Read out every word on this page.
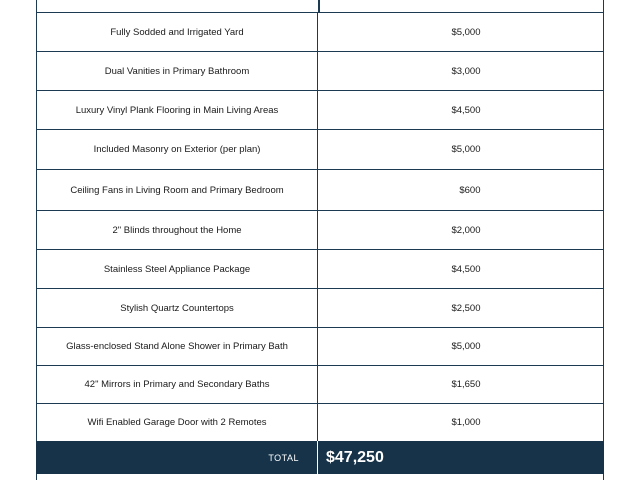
Fully Sodded and Irrigated Yard	$5,000
Dual Vanities in Primary Bathroom	$3,000
Luxury Vinyl Plank Flooring in Main Living Areas	$4,500
Included Masonry on Exterior (per plan)	$5,000
Ceiling Fans in Living Room and Primary Bedroom	$600
2" Blinds throughout the Home	$2,000
Stainless Steel Appliance Package	$4,500
Stylish Quartz Countertops	$2,500
Glass-enclosed Stand Alone Shower in Primary Bath	$5,000
42" Mirrors in Primary and Secondary Baths	$1,650
Wifi Enabled Garage Door with 2 Remotes	$1,000
TOTAL	$47,250
